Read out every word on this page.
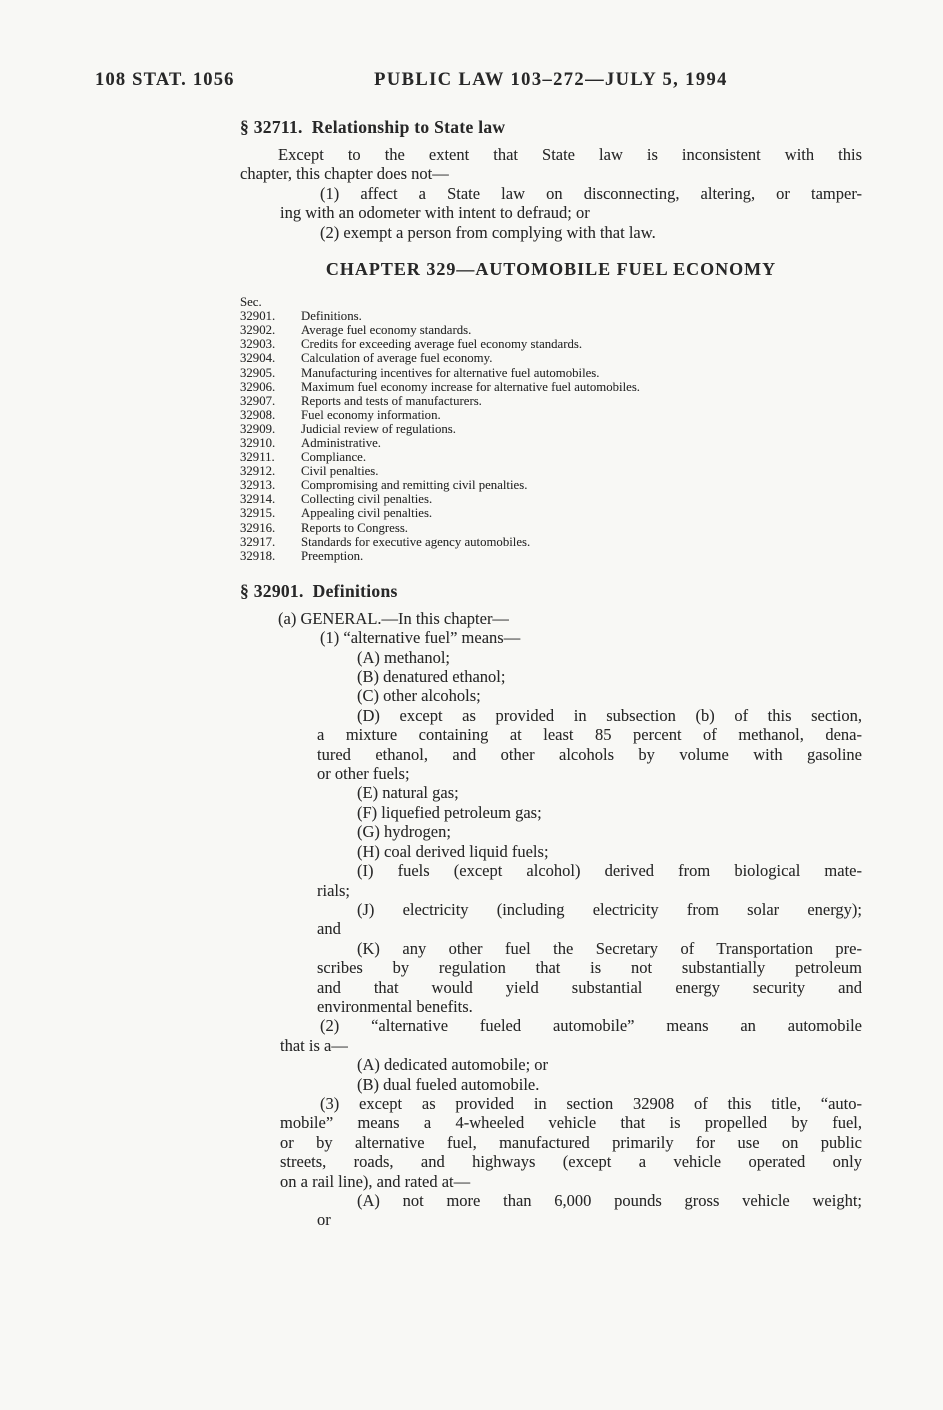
108 STAT. 1056	PUBLIC LAW 103–272—JULY 5, 1994
§ 32711. Relationship to State law
Except to the extent that State law is inconsistent with this
chapter, this chapter does not—
(1) affect a State law on disconnecting, altering, or tamper-
ing with an odometer with intent to defraud; or
(2) exempt a person from complying with that law.
CHAPTER 329—AUTOMOBILE FUEL ECONOMY
Sec.
32901. Definitions.
32902. Average fuel economy standards.
32903. Credits for exceeding average fuel economy standards.
32904. Calculation of average fuel economy.
32905. Manufacturing incentives for alternative fuel automobiles.
32906. Maximum fuel economy increase for alternative fuel automobiles.
32907. Reports and tests of manufacturers.
32908. Fuel economy information.
32909. Judicial review of regulations.
32910. Administrative.
32911. Compliance.
32912. Civil penalties.
32913. Compromising and remitting civil penalties.
32914. Collecting civil penalties.
32915. Appealing civil penalties.
32916. Reports to Congress.
32917. Standards for executive agency automobiles.
32918. Preemption.
§ 32901. Definitions
(a) GENERAL.—In this chapter—
(1) “alternative fuel” means—
(A) methanol;
(B) denatured ethanol;
(C) other alcohols;
(D) except as provided in subsection (b) of this section,
a mixture containing at least 85 percent of methanol, dena-
tured ethanol, and other alcohols by volume with gasoline
or other fuels;
(E) natural gas;
(F) liquefied petroleum gas;
(G) hydrogen;
(H) coal derived liquid fuels;
(I) fuels (except alcohol) derived from biological mate-
rials;
(J) electricity (including electricity from solar energy);
and
(K) any other fuel the Secretary of Transportation pre-
scribes by regulation that is not substantially petroleum
and that would yield substantial energy security and
environmental benefits.
(2) “alternative fueled automobile” means an automobile
that is a—
(A) dedicated automobile; or
(B) dual fueled automobile.
(3) except as provided in section 32908 of this title, “auto-
mobile” means a 4-wheeled vehicle that is propelled by fuel,
or by alternative fuel, manufactured primarily for use on public
streets, roads, and highways (except a vehicle operated only
on a rail line), and rated at—
(A) not more than 6,000 pounds gross vehicle weight;
or
